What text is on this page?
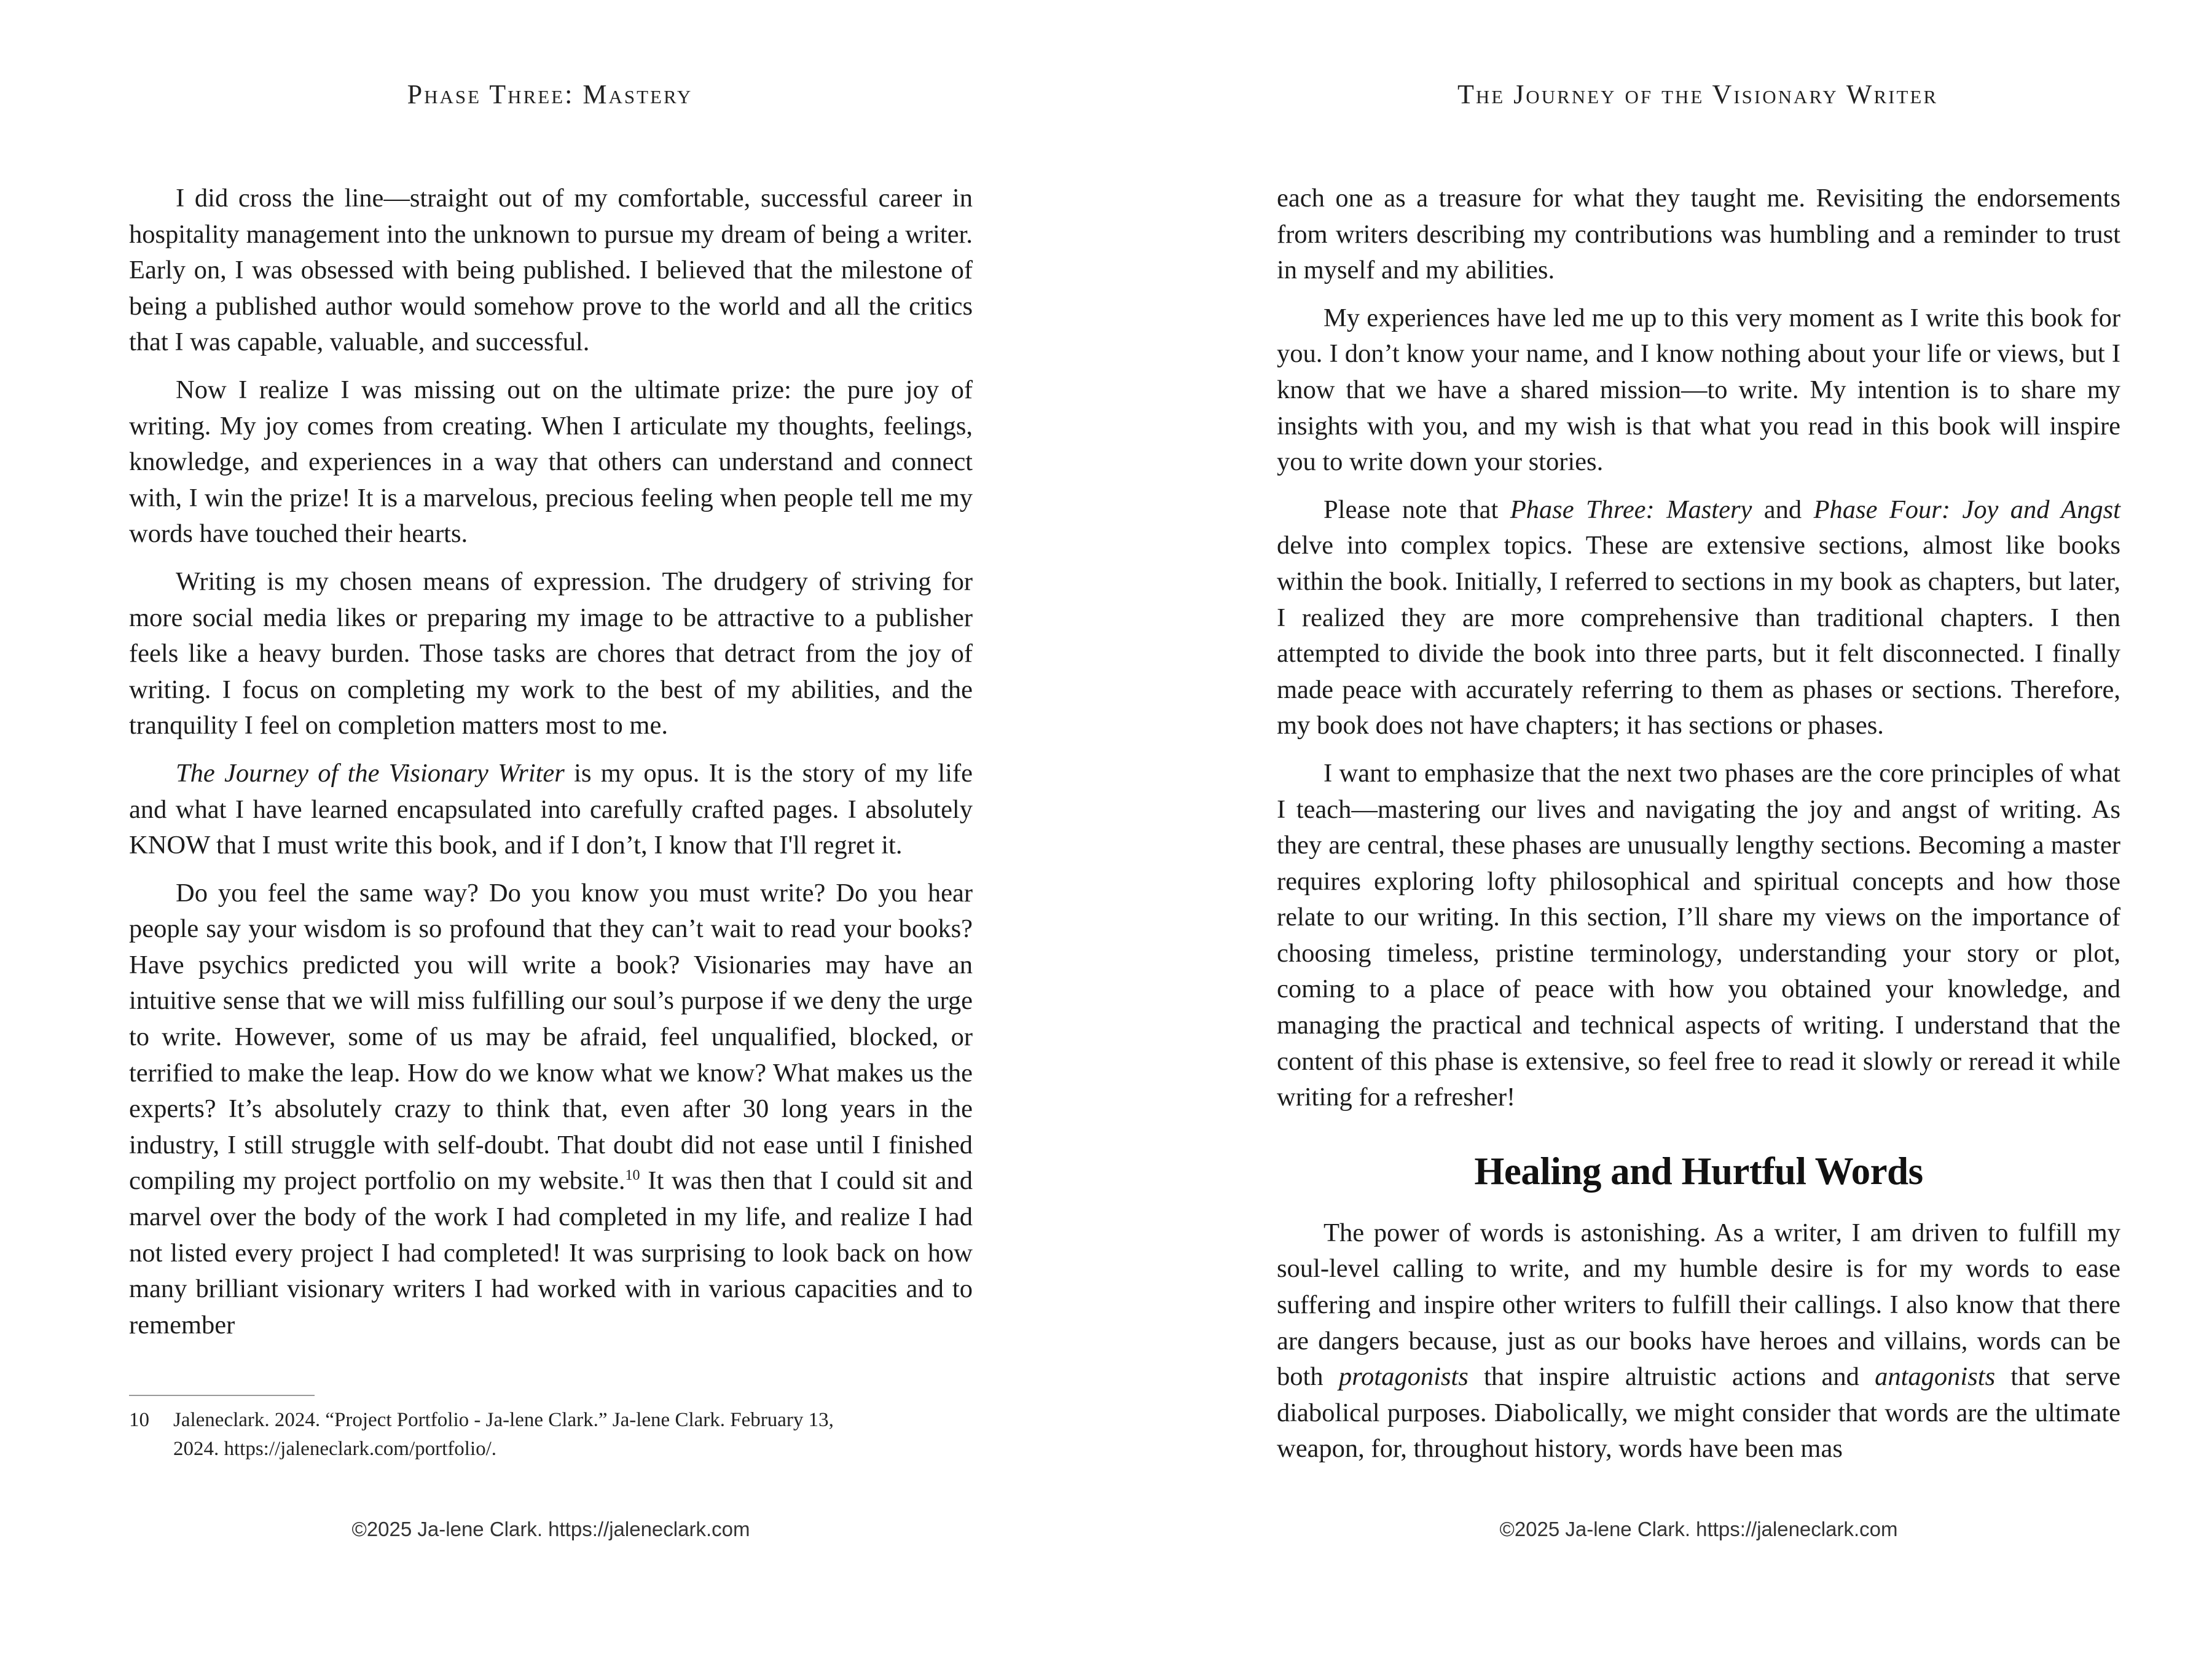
Phase Three: Mastery

I did cross the line—straight out of my comfortable, successful career in hospitality management into the unknown to pursue my dream of being a writer. Early on, I was obsessed with being published. I believed that the milestone of being a published author would somehow prove to the world and all the critics that I was capable, valuable, and successful.

Now I realize I was missing out on the ultimate prize: the pure joy of writing. My joy comes from creating. When I articulate my thoughts, feelings, knowledge, and experiences in a way that others can understand and connect with, I win the prize! It is a marvelous, precious feeling when people tell me my words have touched their hearts.

Writing is my chosen means of expression. The drudgery of striving for more social media likes or preparing my image to be attractive to a publisher feels like a heavy burden. Those tasks are chores that detract from the joy of writing. I focus on completing my work to the best of my abilities, and the tranquility I feel on completion matters most to me.

The Journey of the Visionary Writer is my opus. It is the story of my life and what I have learned encapsulated into carefully crafted pages. I absolutely KNOW that I must write this book, and if I don’t, I know that I'll regret it.

Do you feel the same way? Do you know you must write? Do you hear people say your wisdom is so profound that they can’t wait to read your books? Have psychics predicted you will write a book? Visionaries may have an intuitive sense that we will miss fulfilling our soul’s purpose if we deny the urge to write. However, some of us may be afraid, feel unqualified, blocked, or terrified to make the leap. How do we know what we know? What makes us the experts? It’s absolutely crazy to think that, even after 30 long years in the industry, I still struggle with self-doubt. That doubt did not ease until I finished compiling my project portfolio on my website.$^{10}$ It was then that I could sit and marvel over the body of the work I had completed in my life, and realize I had not listed every project I had completed! It was surprising to look back on how many brilliant visionary writers I had worked with in various capacities and to remember

10 Jaleneclark. 2024. “Project Portfolio - Ja-lene Clark.” Ja-lene Clark. February 13,
2024. https://jaleneclark.com/portfolio/.
©2025 Ja-lene Clark. https://jaleneclark.com
The Journey of the Visionary Writer

each one as a treasure for what they taught me. Revisiting the endorsements from writers describing my contributions was humbling and a reminder to trust in myself and my abilities.

My experiences have led me up to this very moment as I write this book for you. I don’t know your name, and I know nothing about your life or views, but I know that we have a shared mission—to write. My intention is to share my insights with you, and my wish is that what you read in this book will inspire you to write down your stories.

Please note that Phase Three: Mastery and Phase Four: Joy and Angst delve into complex topics. These are extensive sections, almost like books within the book. Initially, I referred to sections in my book as chapters, but later, I realized they are more comprehensive than traditional chapters. I then attempted to divide the book into three parts, but it felt disconnected. I finally made peace with accurately referring to them as phases or sections. Therefore, my book does not have chapters; it has sections or phases.

I want to emphasize that the next two phases are the core principles of what I teach—mastering our lives and navigating the joy and angst of writing. As they are central, these phases are unusually lengthy sections. Becoming a master requires exploring lofty philosophical and spiritual concepts and how those relate to our writing. In this section, I’ll share my views on the importance of choosing timeless, pristine terminology, understanding your story or plot, coming to a place of peace with how you obtained your knowledge, and managing the practical and technical aspects of writing. I understand that the content of this phase is extensive, so feel free to read it slowly or reread it while writing for a refresher!

Healing and Hurtful Words

The power of words is astonishing. As a writer, I am driven to fulfill my soul-level calling to write, and my humble desire is for my words to ease suffering and inspire other writers to fulfill their callings. I also know that there are dangers because, just as our books have heroes and villains, words can be both protagonists that inspire altruistic actions and antagonists that serve diabolical purposes. Diabolically, we might consider that words are the ultimate weapon, for, throughout history, words have been mas

©2025 Ja-lene Clark. https://jaleneclark.com
